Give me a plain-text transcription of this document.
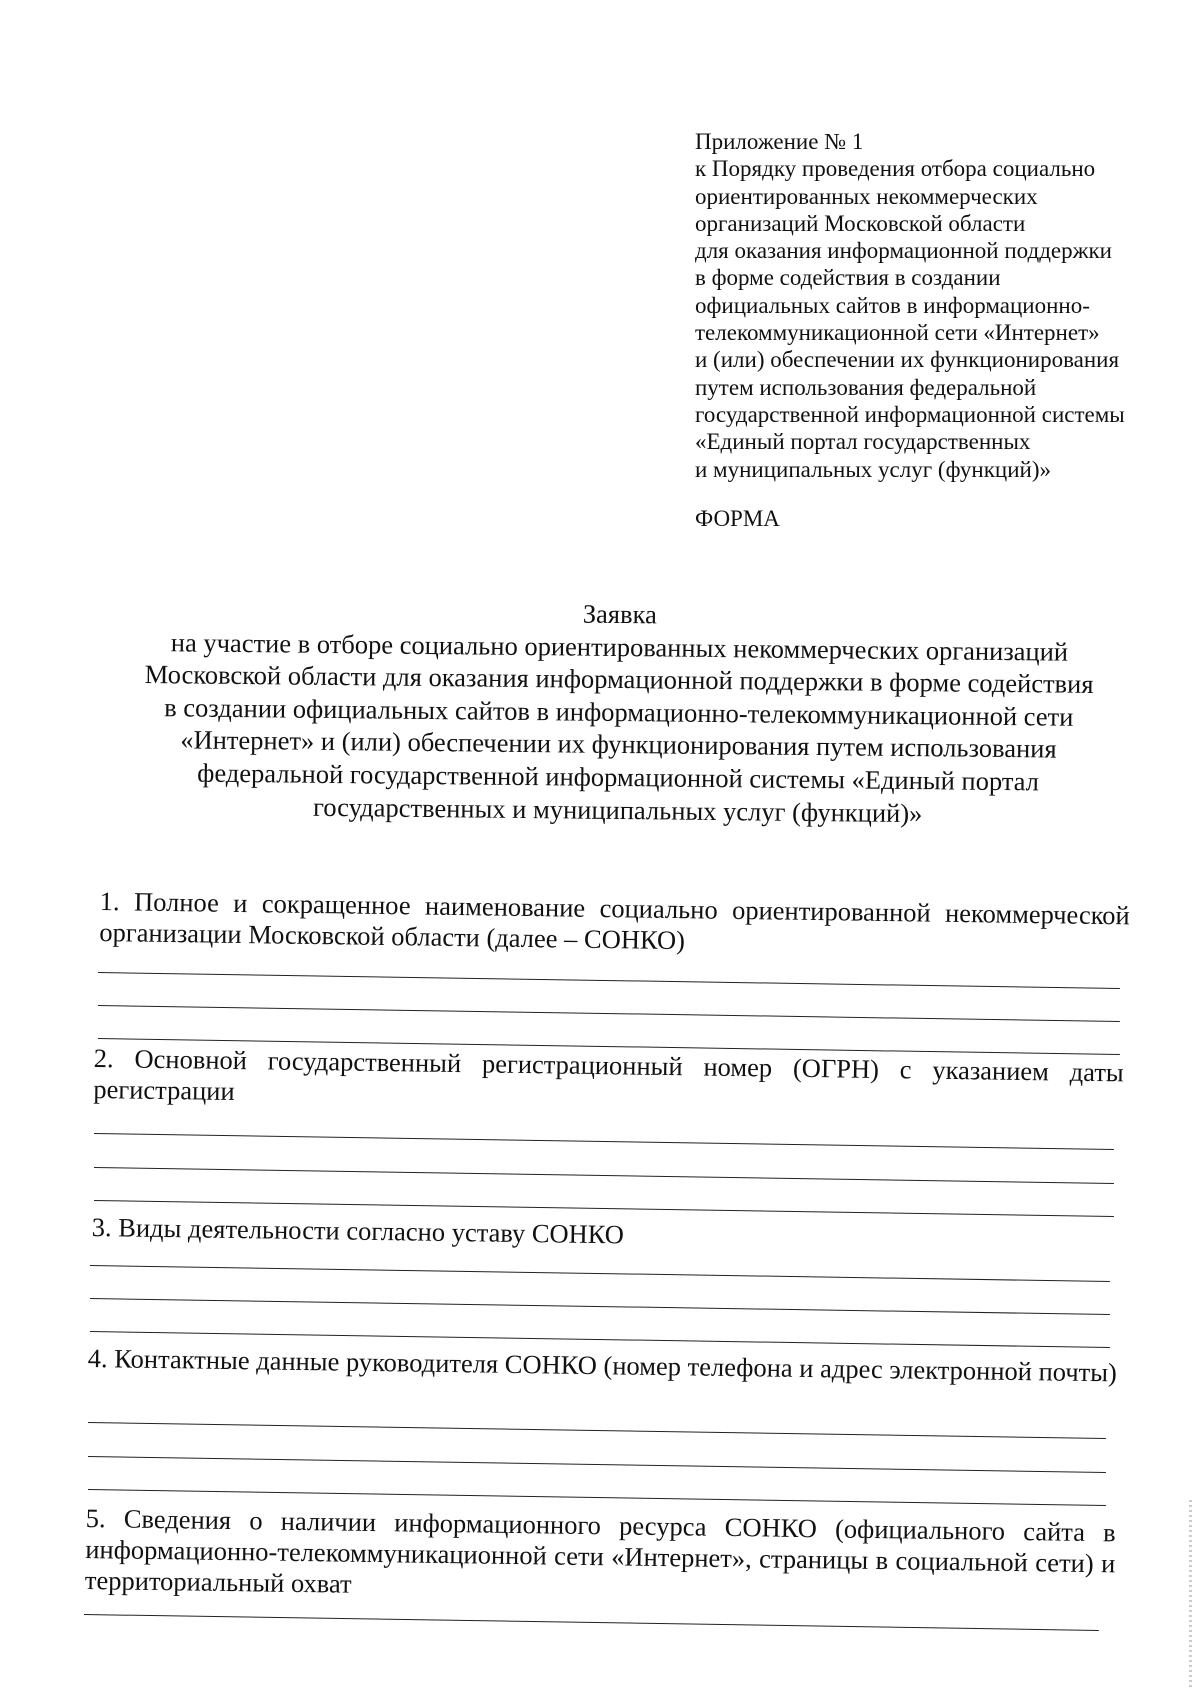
Приложение № 1
к Порядку проведения отбора социально
ориентированных некоммерческих
организаций Московской области
для оказания информационной поддержки
в форме содействия в создании
официальных сайтов в информационно-
телекоммуникационной сети «Интернет»
и (или) обеспечении их функционирования
путем использования федеральной
государственной информационной системы
«Единый портал государственных
и муниципальных услуг (функций)»
ФОРМА
Заявка
на участие в отборе социально ориентированных некоммерческих организаций
Московской области для оказания информационной поддержки в форме содействия
в создании официальных сайтов в информационно-телекоммуникационной сети
«Интернет» и (или) обеспечении их функционирования путем использования
федеральной государственной информационной системы «Единый портал
государственных и муниципальных услуг (функций)»
1. Полное и сокращенное наименование социально ориентированной некоммерческой организации Московской области (далее – СОНКО)
2. Основной государственный регистрационный номер (ОГРН) с указанием даты регистрации
3. Виды деятельности согласно уставу СОНКО
4. Контактные данные руководителя СОНКО (номер телефона и адрес электронной почты)
5. Сведения о наличии информационного ресурса СОНКО (официального сайта в информационно-телекоммуникационной сети «Интернет», страницы в социальной сети) и территориальный охват
